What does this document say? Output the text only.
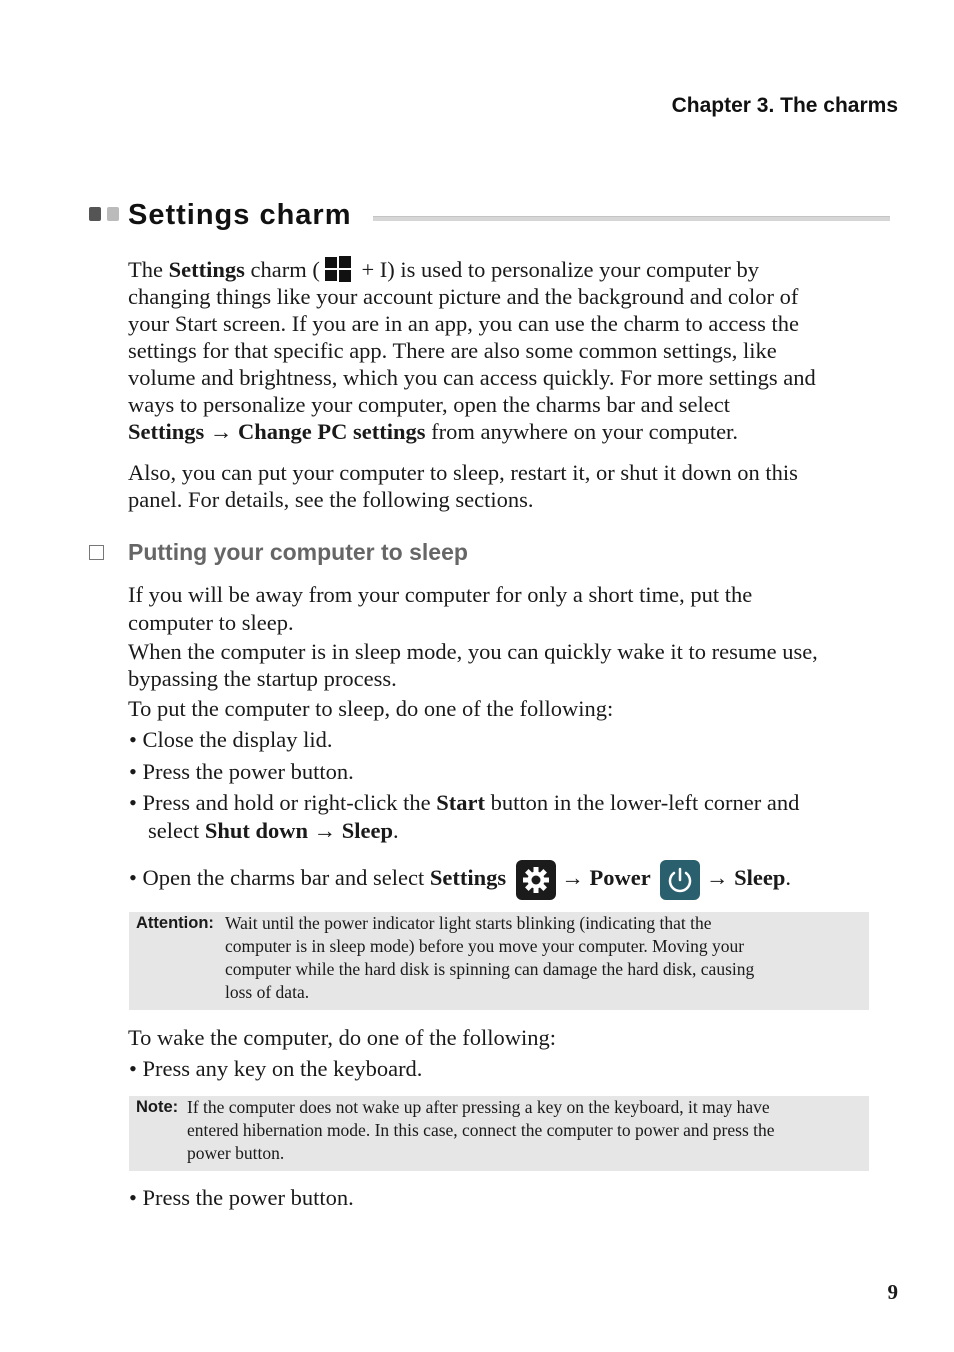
Chapter 3. The charms
Settings charm
The Settings charm ( + I) is used to personalize your computer by
changing things like your account picture and the background and color of
your Start screen. If you are in an app, you can use the charm to access the
settings for that specific app. There are also some common settings, like
volume and brightness, which you can access quickly. For more settings and
ways to personalize your computer, open the charms bar and select
Settings → Change PC settings from anywhere on your computer.
Also, you can put your computer to sleep, restart it, or shut it down on this
panel. For details, see the following sections.
Putting your computer to sleep
If you will be away from your computer for only a short time, put the
computer to sleep.
When the computer is in sleep mode, you can quickly wake it to resume use,
bypassing the startup process.
To put the computer to sleep, do one of the following:
• Close the display lid.
• Press the power button.
• Press and hold or right-click the Start button in the lower-left corner and
select Shut down → Sleep.
• Open the charms bar and select Settings
→ Power
→ Sleep.
Attention: Wait until the power indicator light starts blinking (indicating that the
computer is in sleep mode) before you move your computer. Moving your
computer while the hard disk is spinning can damage the hard disk, causing
loss of data.
To wake the computer, do one of the following:
• Press any key on the keyboard.
Note: If the computer does not wake up after pressing a key on the keyboard, it may have
entered hibernation mode. In this case, connect the computer to power and press the
power button.
• Press the power button.
9
